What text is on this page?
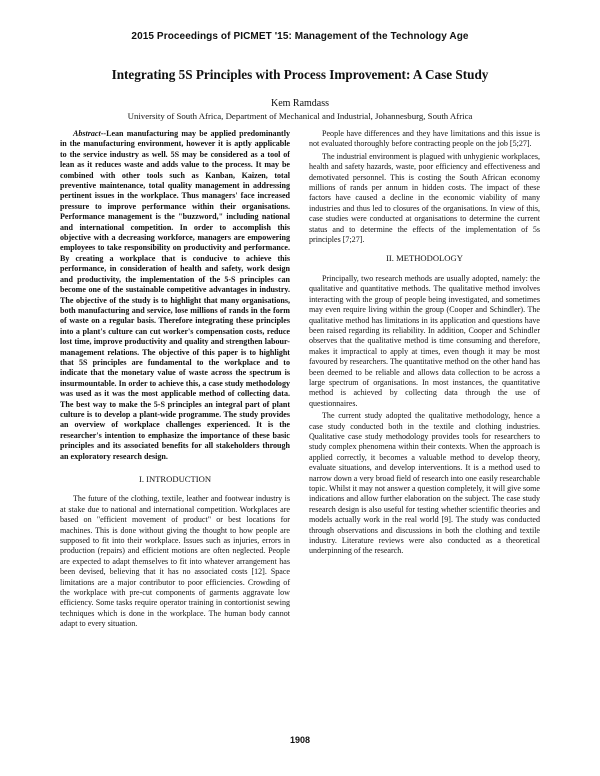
2015 Proceedings of PICMET '15: Management of the Technology Age
Integrating 5S Principles with Process Improvement: A Case Study
Kem Ramdass
University of South Africa, Department of Mechanical and Industrial, Johannesburg, South Africa
Abstract--Lean manufacturing may be applied predominantly in the manufacturing environment, however it is aptly applicable to the service industry as well. 5S may be considered as a tool of lean as it reduces waste and adds value to the process. It may be combined with other tools such as Kanban, Kaizen, total preventive maintenance, total quality management in addressing pertinent issues in the workplace. Thus managers' face increased pressure to improve performance within their organisations. Performance management is the "buzzword," including national and international competition. In order to accomplish this objective with a decreasing workforce, managers are empowering employees to take responsibility on productivity and performance. By creating a workplace that is conducive to achieve this performance, in consideration of health and safety, work design and productivity, the implementation of the 5-S principles can become one of the sustainable competitive advantages in industry. The objective of the study is to highlight that many organisations, both manufacturing and service, lose millions of rands in the form of waste on a regular basis. Therefore integrating these principles into a plant's culture can cut worker's compensation costs, reduce lost time, improve productivity and quality and strengthen labour-management relations. The objective of this paper is to highlight that 5S principles are fundamental to the workplace and to indicate that the monetary value of waste across the spectrum is insurmountable. In order to achieve this, a case study methodology was used as it was the most applicable method of collecting data. The best way to make the 5-S principles an integral part of plant culture is to develop a plant-wide programme. The study provides an overview of workplace challenges experienced. It is the researcher's intention to emphasize the importance of these basic principles and its associated benefits for all stakeholders through an exploratory research design.

I. INTRODUCTION

The future of the clothing, textile, leather and footwear industry is at stake due to national and international competition. Workplaces are based on "efficient movement of product" or best locations for machines. This is done without giving the thought to how people are supposed to fit into their workplace. Issues such as injuries, errors in production (repairs) and efficient motions are often neglected. People are expected to adapt themselves to fit into whatever arrangement has been devised, believing that it has no associated costs [12]. Space limitations are a major contributor to poor efficiencies. Crowding of the workplace with pre-cut components of garments aggravate low efficiency. Some tasks require operator training in contortionist sewing techniques which is done in the workplace. The human body cannot adapt to every situation.

People have differences and they have limitations and this issue is not evaluated thoroughly before contracting people on the job [5;27].

The industrial environment is plagued with unhygienic workplaces, health and safety hazards, waste, poor efficiency and effectiveness and demotivated personnel. This is costing the South African economy millions of rands per annum in hidden costs. The impact of these factors have caused a decline in the economic viability of many industries and thus led to closures of the organisations. In view of this, case studies were conducted at organisations to determine the current status and to determine the effects of the implementation of 5s principles [7;27].

II. METHODOLOGY

Principally, two research methods are usually adopted, namely: the qualitative and quantitative methods. The qualitative method involves interacting with the group of people being investigated, and sometimes may even require living within the group (Cooper and Schindler). The qualitative method has limitations in its application and questions have been raised regarding its reliability. In addition, Cooper and Schindler observes that the qualitative method is time consuming and therefore, makes it impractical to apply at times, even though it may be most favoured by researchers. The quantitative method on the other hand has been deemed to be reliable and allows data collection to be across a large spectrum of organisations. In most instances, the quantitative method is achieved by collecting data through the use of questionnaires.

The current study adopted the qualitative methodology, hence a case study conducted both in the textile and clothing industries. Qualitative case study methodology provides tools for researchers to study complex phenomena within their contexts. When the approach is applied correctly, it becomes a valuable method to develop theory, evaluate situations, and develop interventions. It is a method used to narrow down a very broad field of research into one easily researchable topic. Whilst it may not answer a question completely, it will give some indications and allow further elaboration on the subject. The case study research design is also useful for testing whether scientific theories and models actually work in the real world [9]. The study was conducted through observations and discussions in both the clothing and textile industry. Literature reviews were also conducted as a theoretical underpinning of the research.

1908
